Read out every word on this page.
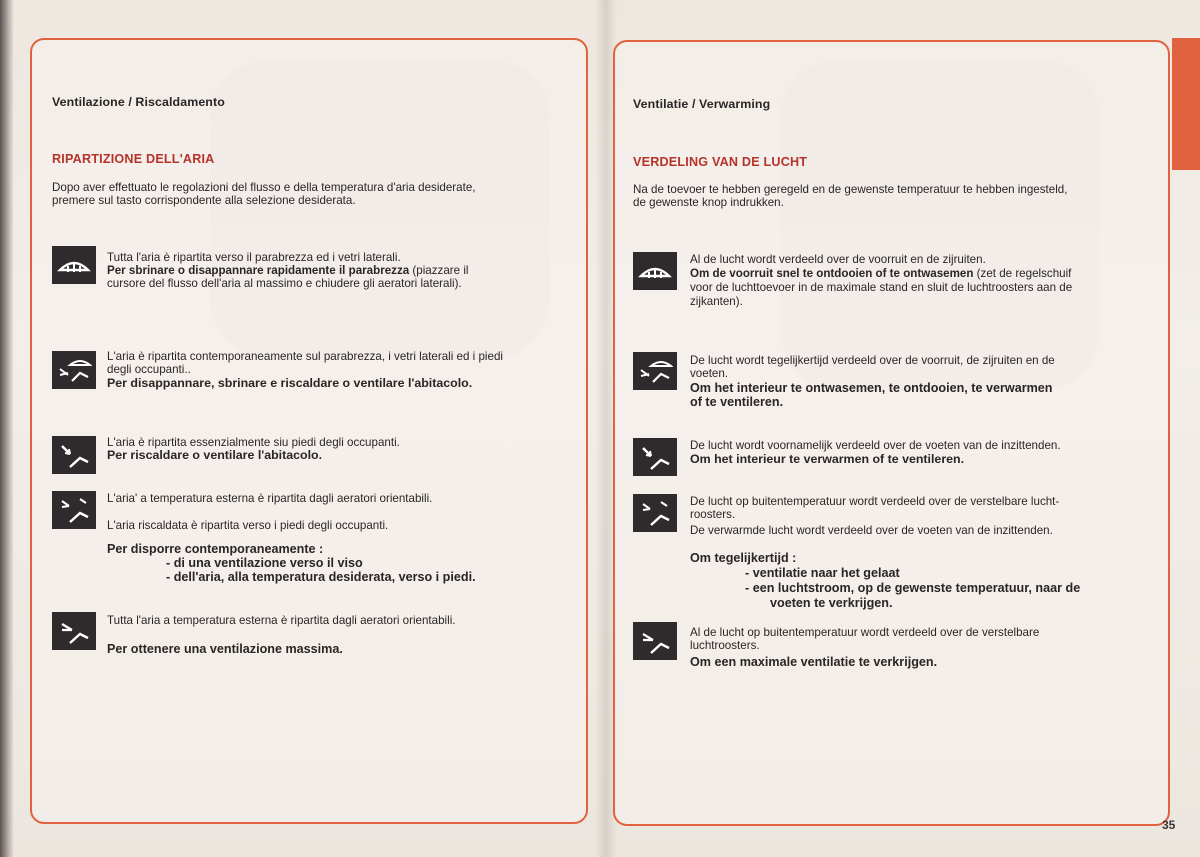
Ventilazione / Riscaldamento
RIPARTIZIONE DELL'ARIA
Dopo aver effettuato le regolazioni del flusso e della temperatura d'aria desiderate,
premere sul tasto corrispondente alla selezione desiderata.
Tutta l'aria è ripartita verso il parabrezza ed i vetri laterali.
Per sbrinare o disappannare rapidamente il parabrezza (piazzare il
cursore del flusso dell'aria al massimo e chiudere gli aeratori laterali).
L'aria è ripartita contemporaneamente sul parabrezza, i vetri laterali ed i piedi
degli occupanti..
Per disappannare, sbrinare e riscaldare o ventilare l'abitacolo.
L'aria è ripartita essenzialmente siu piedi degli occupanti.
Per riscaldare o ventilare l'abitacolo.
L'aria' a temperatura esterna è ripartita dagli aeratori orientabili.
L'aria riscaldata è ripartita verso i piedi degli occupanti.
Per disporre contemporaneamente :
- di una ventilazione verso il viso
- dell'aria, alla temperatura desiderata, verso i piedi.
Tutta l'aria a temperatura esterna è ripartita dagli aeratori orientabili.
Per ottenere una ventilazione massima.
Ventilatie / Verwarming
VERDELING VAN DE LUCHT
Na de toevoer te hebben geregeld en de gewenste temperatuur te hebben ingesteld,
de gewenste knop indrukken.
Al de lucht wordt verdeeld over de voorruit en de zijruiten.
Om de voorruit snel te ontdooien of te ontwasemen (zet de regelschuif
voor de luchttoevoer in de maximale stand en sluit de luchtroosters aan de
zijkanten).
De lucht wordt tegelijkertijd verdeeld over de voorruit, de zijruiten en de
voeten.
Om het interieur te ontwasemen, te ontdooien, te verwarmen
of te ventileren.
De lucht wordt voornamelijk verdeeld over de voeten van de inzittenden.
Om het interieur te verwarmen of te ventileren.
De lucht op buitentemperatuur wordt verdeeld over de verstelbare lucht-
roosters.
De verwarmde lucht wordt verdeeld over de voeten van de inzittenden.
Om tegelijkertijd :
- ventilatie naar het gelaat
- een luchtstroom, op de gewenste temperatuur, naar de
voeten te verkrijgen.
Al de lucht op buitentemperatuur wordt verdeeld over de verstelbare
luchtroosters.
Om een maximale ventilatie te verkrijgen.
35
